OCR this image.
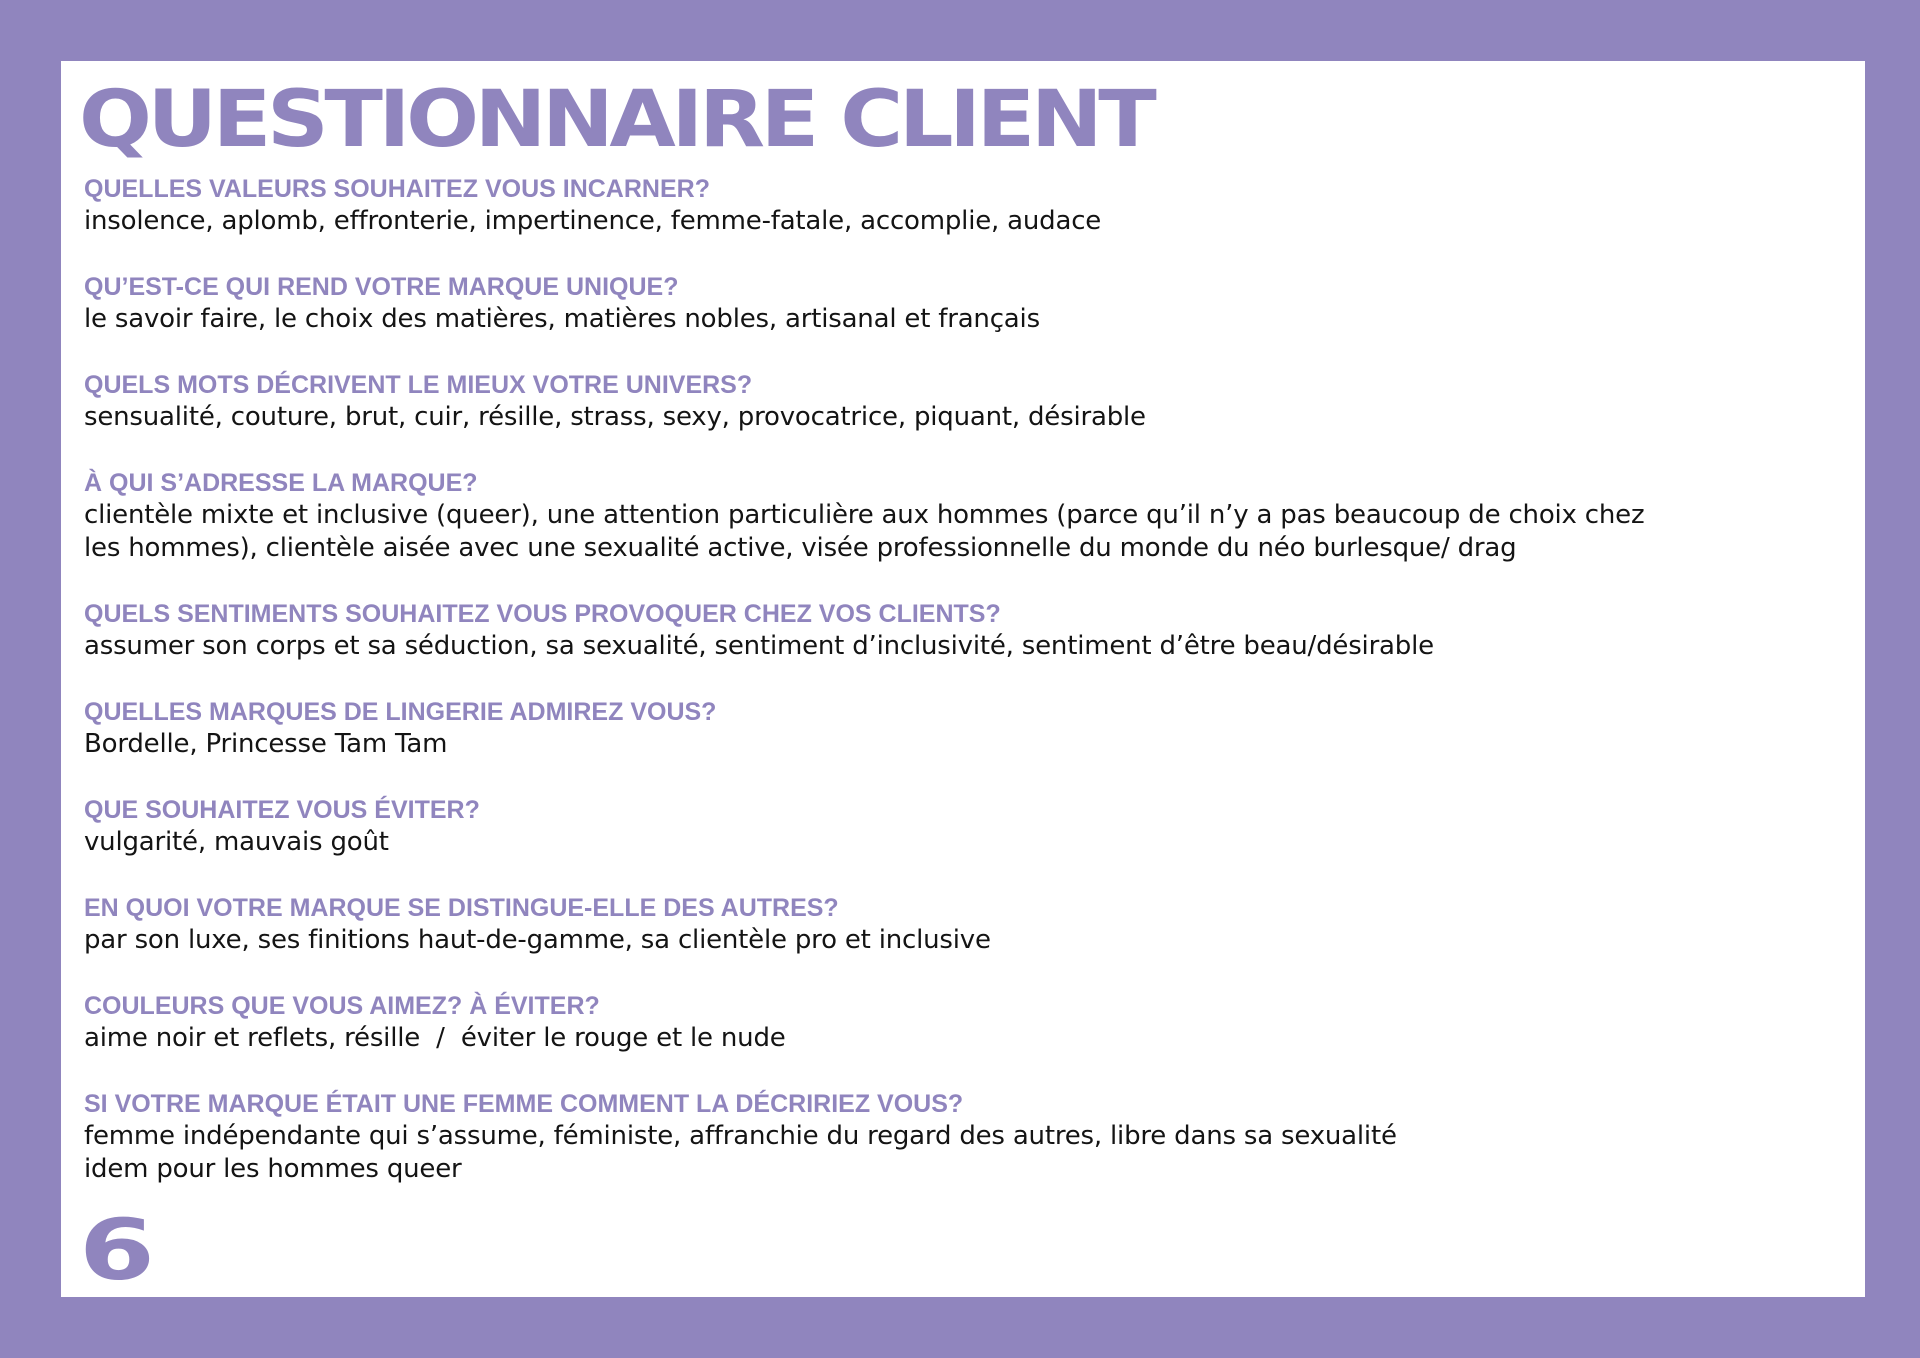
QUESTIONNAIRE CLIENT
QUELLES VALEURS SOUHAITEZ VOUS INCARNER?
insolence, aplomb, effronterie, impertinence, femme-fatale, accomplie, audace
QU’EST-CE QUI REND VOTRE MARQUE UNIQUE?
le savoir faire, le choix des matières, matières nobles, artisanal et français
QUELS MOTS DÉCRIVENT LE MIEUX VOTRE UNIVERS?
sensualité, couture, brut, cuir, résille, strass, sexy, provocatrice, piquant, désirable
À QUI S’ADRESSE LA MARQUE?
clientèle mixte et inclusive (queer), une attention particulière aux hommes (parce qu’il n’y a pas beaucoup de choix chez
les hommes), clientèle aisée avec une sexualité active, visée professionnelle du monde du néo burlesque/ drag
QUELS SENTIMENTS SOUHAITEZ VOUS PROVOQUER CHEZ VOS CLIENTS?
assumer son corps et sa séduction, sa sexualité, sentiment d’inclusivité, sentiment d’être beau/désirable
QUELLES MARQUES DE LINGERIE ADMIREZ VOUS?
Bordelle, Princesse Tam Tam
QUE SOUHAITEZ VOUS ÉVITER?
vulgarité, mauvais goût
EN QUOI VOTRE MARQUE SE DISTINGUE-ELLE DES AUTRES?
par son luxe, ses finitions haut-de-gamme, sa clientèle pro et inclusive
COULEURS QUE VOUS AIMEZ? À ÉVITER?
aime noir et reflets, résille  /  éviter le rouge et le nude
SI VOTRE MARQUE ÉTAIT UNE FEMME COMMENT LA DÉCRIRIEZ VOUS?
femme indépendante qui s’assume, féministe, affranchie du regard des autres, libre dans sa sexualité
idem pour les hommes queer
6
